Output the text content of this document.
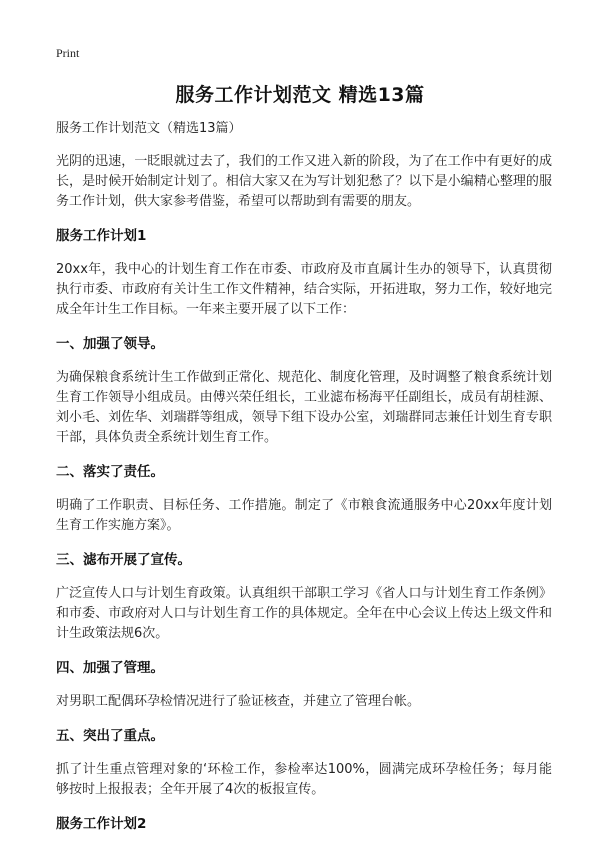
Print
服务工作计划范文 精选13篇

服务工作计划范文（精选13篇）

光阴的迅速，一眨眼就过去了，我们的工作又进入新的阶段，为了在工作中有更好的成长，是时候开始制定计划了。相信大家又在为写计划犯愁了？以下是小编精心整理的服务工作计划，供大家参考借鉴，希望可以帮助到有需要的朋友。

服务工作计划1

20xx年，我中心的计划生育工作在市委、市政府及市直属计生办的领导下，认真贯彻执行市委、市政府有关计生工作文件精神，结合实际，开拓进取，努力工作，较好地完成全年计生工作目标。一年来主要开展了以下工作：

一、加强了领导。

为确保粮食系统计生工作做到正常化、规范化、制度化管理，及时调整了粮食系统计划生育工作领导小组成员。由傅兴荣任组长，工业滤布杨海平任副组长，成员有胡桂源、刘小毛、刘佐华、刘瑞群等组成，领导下组下设办公室，刘瑞群同志兼任计划生育专职干部，具体负责全系统计划生育工作。

二、落实了责任。

明确了工作职责、目标任务、工作措施。制定了《市粮食流通服务中心20xx年度计划生育工作实施方案》。

三、滤布开展了宣传。

广泛宣传人口与计划生育政策。认真组织干部职工学习《省人口与计划生育工作条例》和市委、市政府对人口与计划生育工作的具体规定。全年在中心会议上传达上级文件和计生政策法规6次。

四、加强了管理。

对男职工配偶环孕检情况进行了验证核查，并建立了管理台帐。

五、突出了重点。

抓了计生重点管理对象的‘环检工作，参检率达100%，圆满完成环孕检任务；每月能够按时上报报表；全年开展了4次的板报宣传。

服务工作计划2
